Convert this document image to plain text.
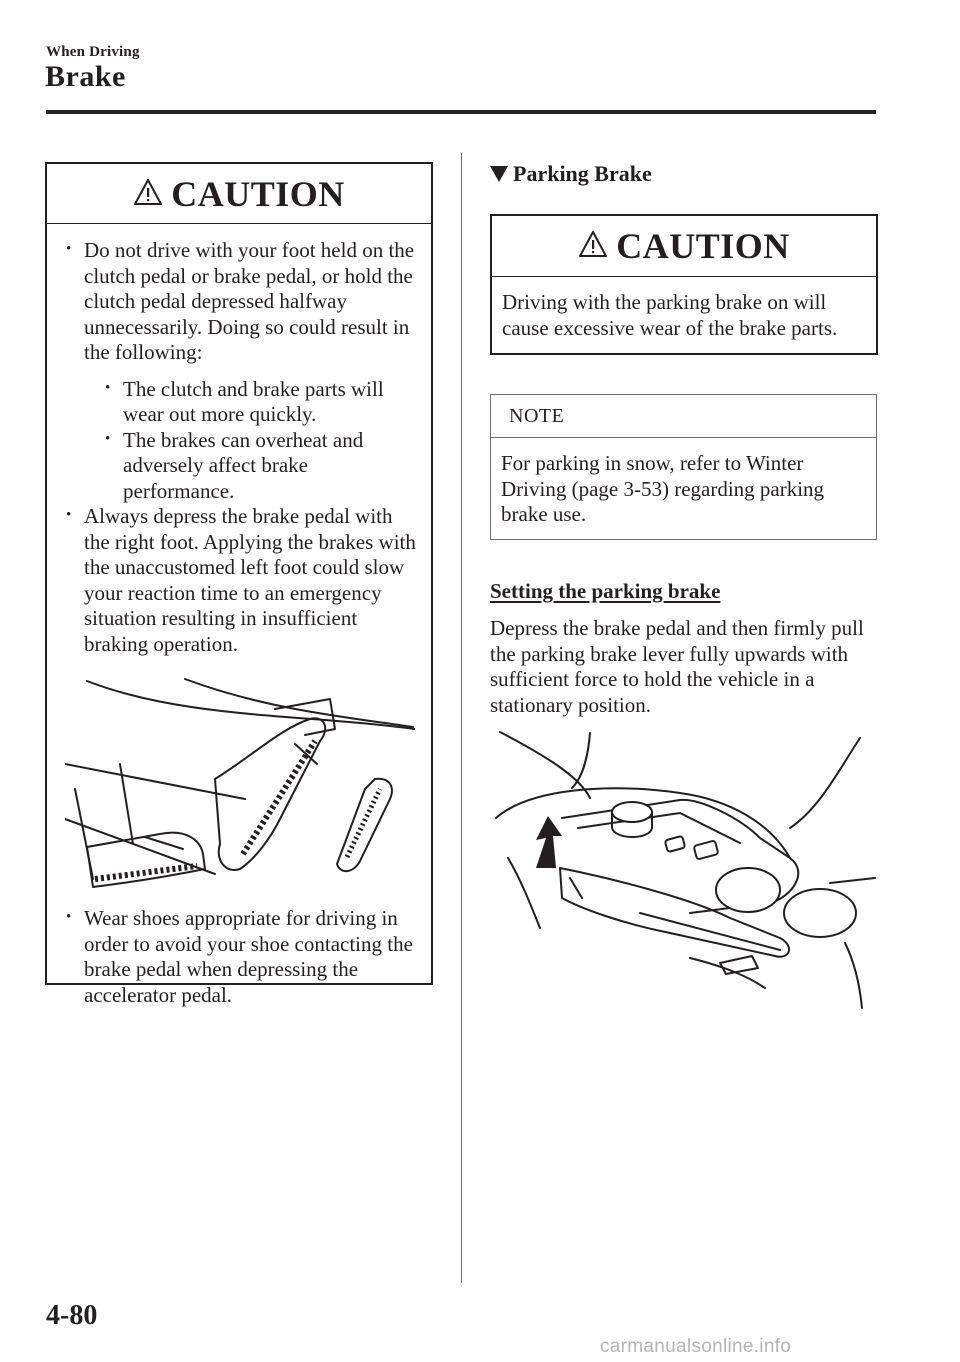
When Driving
Brake
CAUTION
• Do not drive with your foot held on the clutch pedal or brake pedal, or hold the clutch pedal depressed halfway unnecessarily. Doing so could result in the following:
• The clutch and brake parts will wear out more quickly.
• The brakes can overheat and adversely affect brake performance.
• Always depress the brake pedal with the right foot. Applying the brakes with the unaccustomed left foot could slow your reaction time to an emergency situation resulting in insufficient braking operation.
• Wear shoes appropriate for driving in order to avoid your shoe contacting the brake pedal when depressing the accelerator pedal.
Parking Brake
CAUTION
Driving with the parking brake on will cause excessive wear of the brake parts.
NOTE
For parking in snow, refer to Winter Driving (page 3-53) regarding parking brake use.
Setting the parking brake
Depress the brake pedal and then firmly pull the parking brake lever fully upwards with sufficient force to hold the vehicle in a stationary position.
4-80
carmanualsonline.info
